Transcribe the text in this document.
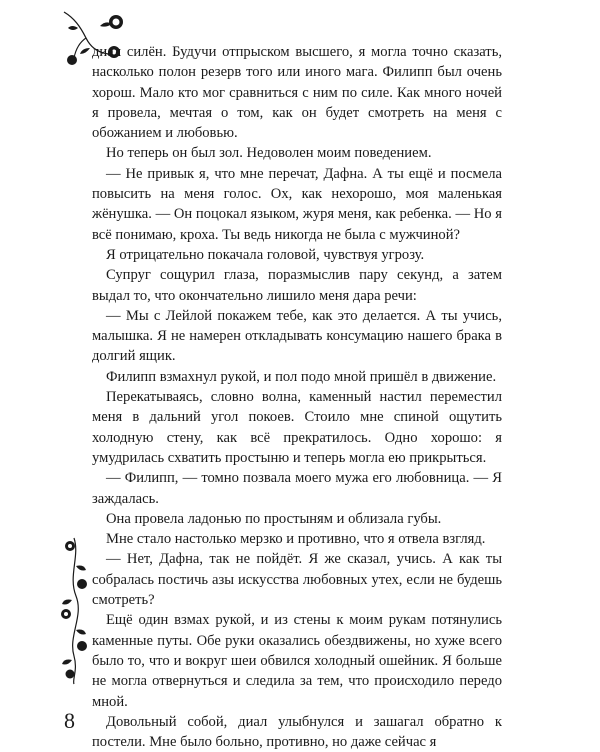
диал силён. Будучи отпрыском высшего, я могла точно сказать, насколько полон резерв того или иного мага. Филипп был очень хорош. Мало кто мог сравниться с ним по силе. Как много ночей я провела, мечтая о том, как он будет смотреть на меня с обожанием и любовью.

Но теперь он был зол. Недоволен моим поведением.

— Не привык я, что мне перечат, Дафна. А ты ещё и посмела повысить на меня голос. Ох, как нехорошо, моя маленькая жёнушка. — Он поцокал языком, журя меня, как ребенка. — Но я всё понимаю, кроха. Ты ведь никогда не была с мужчиной?

Я отрицательно покачала головой, чувствуя угрозу.

Супруг сощурил глаза, поразмыслив пару секунд, а затем выдал то, что окончательно лишило меня дара речи:

— Мы с Лейлой покажем тебе, как это делается. А ты учись, малышка. Я не намерен откладывать консумацию нашего брака в долгий ящик.

Филипп взмахнул рукой, и пол подо мной пришёл в движение.

Перекатываясь, словно волна, каменный настил переместил меня в дальний угол покоев. Стоило мне спиной ощутить холодную стену, как всё прекратилось. Одно хорошо: я умудрилась схватить простыню и теперь могла ею прикрыться.

— Филипп, — томно позвала моего мужа его любовница. — Я заждалась.

Она провела ладонью по простыням и облизала губы.

Мне стало настолько мерзко и противно, что я отвела взгляд.

— Нет, Дафна, так не пойдёт. Я же сказал, учись. А как ты собралась постичь азы искусства любовных утех, если не будешь смотреть?

Ещё один взмах рукой, и из стены к моим рукам потянулись каменные путы. Обе руки оказались обездвижены, но хуже всего было то, что и вокруг шеи обвился холодный ошейник. Я больше не могла отвернуться и следила за тем, что происходило передо мной.

Довольный собой, диал улыбнулся и зашагал обратно к постели. Мне было больно, противно, но даже сейчас я

8
